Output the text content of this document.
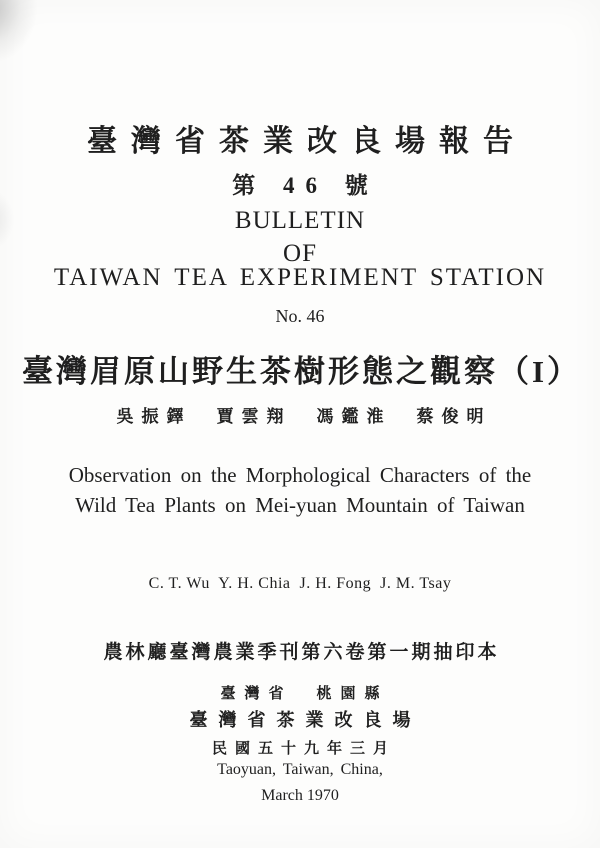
臺灣省茶業改良場報告
第 46 號
BULLETIN
OF
TAIWAN TEA EXPERIMENT STATION
No. 46
臺灣眉原山野生茶樹形態之觀察（I）
吳振鐸　賈雲翔　馮鑑淮　蔡俊明
Observation on the Morphological Characters of the
Wild Tea Plants on Mei-yuan Mountain of Taiwan
C. T. Wu  Y. H. Chia  J. H. Fong  J. M. Tsay
農林廳臺灣農業季刊第六卷第一期抽印本
臺灣省　桃園縣
臺灣省茶業改良場
民國五十九年三月
Taoyuan, Taiwan, China,
March 1970
